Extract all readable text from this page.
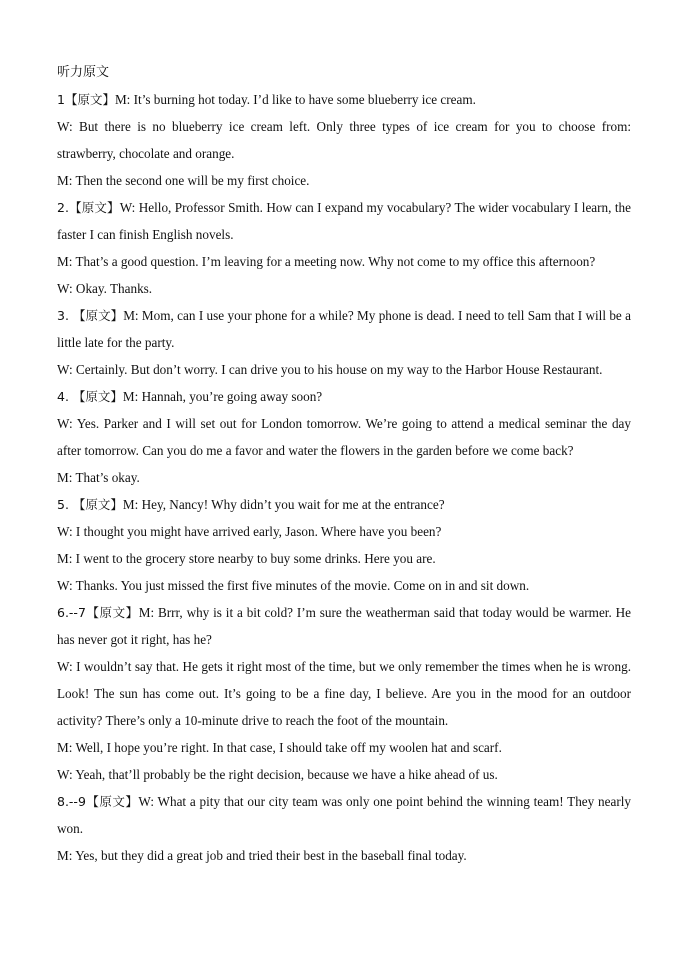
听力原文

1【原文】M: It’s burning hot today. I’d like to have some blueberry ice cream.

W: But there is no blueberry ice cream left. Only three types of ice cream for you to choose from: strawberry, chocolate and orange.

M: Then the second one will be my first choice.

2.【原文】W: Hello, Professor Smith. How can I expand my vocabulary? The wider vocabulary I learn, the faster I can finish English novels.

M: That’s a good question. I’m leaving for a meeting now. Why not come to my office this afternoon?

W: Okay. Thanks.

3. 【原文】M: Mom, can I use your phone for a while? My phone is dead. I need to tell Sam that I will be a little late for the party.

W: Certainly. But don’t worry. I can drive you to his house on my way to the Harbor House Restaurant.

4. 【原文】M: Hannah, you’re going away soon?

W: Yes. Parker and I will set out for London tomorrow. We’re going to attend a medical seminar the day after tomorrow. Can you do me a favor and water the flowers in the garden before we come back?

M: That’s okay.

5. 【原文】M: Hey, Nancy! Why didn’t you wait for me at the entrance?

W: I thought you might have arrived early, Jason. Where have you been?

M: I went to the grocery store nearby to buy some drinks. Here you are.

W: Thanks. You just missed the first five minutes of the movie. Come on in and sit down.

6.--7【原文】M: Brrr, why is it a bit cold? I’m sure the weatherman said that today would be warmer. He has never got it right, has he?

W: I wouldn’t say that. He gets it right most of the time, but we only remember the times when he is wrong. Look! The sun has come out. It’s going to be a fine day, I believe. Are you in the mood for an outdoor activity? There’s only a 10-minute drive to reach the foot of the mountain.

M: Well, I hope you’re right. In that case, I should take off my woolen hat and scarf.

W: Yeah, that’ll probably be the right decision, because we have a hike ahead of us.

8.--9【原文】W: What a pity that our city team was only one point behind the winning team! They nearly won.

M: Yes, but they did a great job and tried their best in the baseball final today.
